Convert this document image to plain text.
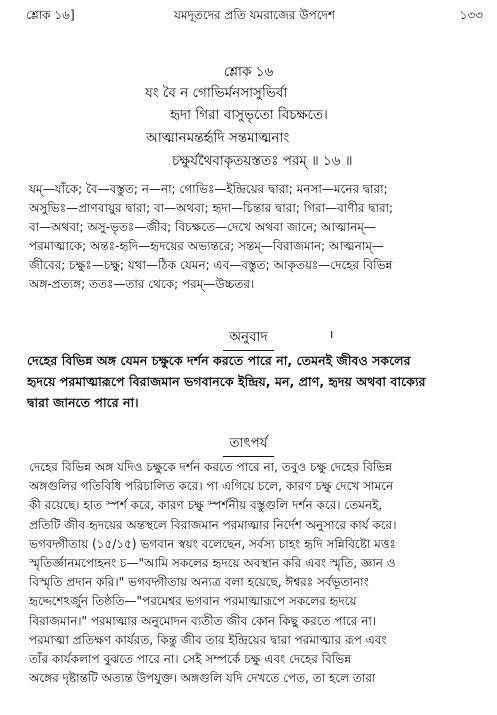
শ্লোক ১৬]	যমদূতদের প্রতি যমরাজের উপদেশ	১৩৩
শ্লোক ১৬
যং বৈ ন গোভির্মনসাসুভির্বা
হৃদা গিরা বাসুভৃতো বিচক্ষতে।
আত্মানমন্তর্হৃদি সন্তমাত্মনাং
চক্ষুর্যথৈবাকৃতয়স্ততঃ পরম্ ॥ ১৬ ॥
যম্—যাঁকে; বৈ—বস্তুত; ন—না; গোভিঃ—ইন্দ্রিয়ের দ্বারা; মনসা—মনের দ্বারা;
অসুভিঃ—প্রাণবায়ুর দ্বারা; বা—অথবা; হৃদা—চিন্তার দ্বারা; গিরা—বাণীর দ্বারা;
বা—অথবা; অসু-ভৃতঃ—জীব; বিচক্ষতে—দেখে অথবা জানে; আত্মানম্—
পরমাত্মাকে; অন্তঃ-হৃদি—হৃদয়ের অভ্যন্তরে; সন্তম্—বিরাজমান; আত্মনাম্—
জীবের; চক্ষুঃ—চক্ষু; যথা—ঠিক যেমন; এব—বস্তুত; আকৃতয়ঃ—দেহের বিভিন্ন
অঙ্গ-প্রত্যঙ্গ; ততঃ—তার থেকে; পরম্—উচ্চতর।
অনুবাদ	ı
দেহের বিভিন্ন অঙ্গ যেমন চক্ষুকে দর্শন করতে পারে না, তেমনই জীবও সকলের
হৃদয়ে পরমাত্মারূপে বিরাজমান ভগবানকে ইন্দ্রিয়, মন, প্রাণ, হৃদয় অথবা বাক্যের
দ্বারা জানতে পারে না।
তাৎপর্য
দেহের বিভিন্ন অঙ্গ যদিও চক্ষুকে দর্শন করতে পারে না, তবুও চক্ষু দেহের বিভিন্ন
অঙ্গগুলির গতিবিধি পরিচালিত করে। পা এগিয়ে চলে, কারণ চক্ষু দেখে সামনে
কী রয়েছে। হাত স্পর্শ করে, কারণ চক্ষু স্পর্শনীয় বস্তুগুলি দর্শন করে। তেমনই,
প্রতিটি জীব হৃদয়ের অন্তস্থলে বিরাজমান পরমাত্মার নির্দেশ অনুসারে কার্য করে।
ভগবদ্গীতায় (১৫/১৫) ভগবান স্বয়ং বলেছেন, সর্বস্য চাহং হৃদি সন্নিবিষ্টো মত্তঃ
স্মৃতির্জ্ঞানমপোহনং চ—"আমি সকলের হৃদয়ে অবস্থান করি এবং স্মৃতি, জ্ঞান ও
বিস্মৃতি প্রদান করি।" ভগবদ্গীতায় অন্যত্র বলা হয়েছে, ঈশ্বরঃ সর্বভূতানাং
হৃদ্দেশেঽর্জুন তিষ্ঠতি—"পরমেশ্বর ভগবান পরমাত্মারূপে সকলের হৃদয়ে
বিরাজমান।" পরমাত্মার অনুমোদন ব্যতীত জীব কোন কিছু করতে পারে না।
পরমাত্মা প্রতিক্ষণ কার্যরত, কিন্তু জীব তার ইন্দ্রিয়ের দ্বারা পরমাত্মার রূপ এবং
তাঁর কার্যকলাপ বুঝতে পারে না। সেই সম্পর্কে চক্ষু এবং দেহের বিভিন্ন
অঙ্গের দৃষ্টান্তটি অত্যন্ত উপযুক্ত। অঙ্গগুলি যদি দেখতে পেত, তা হলে তারা
